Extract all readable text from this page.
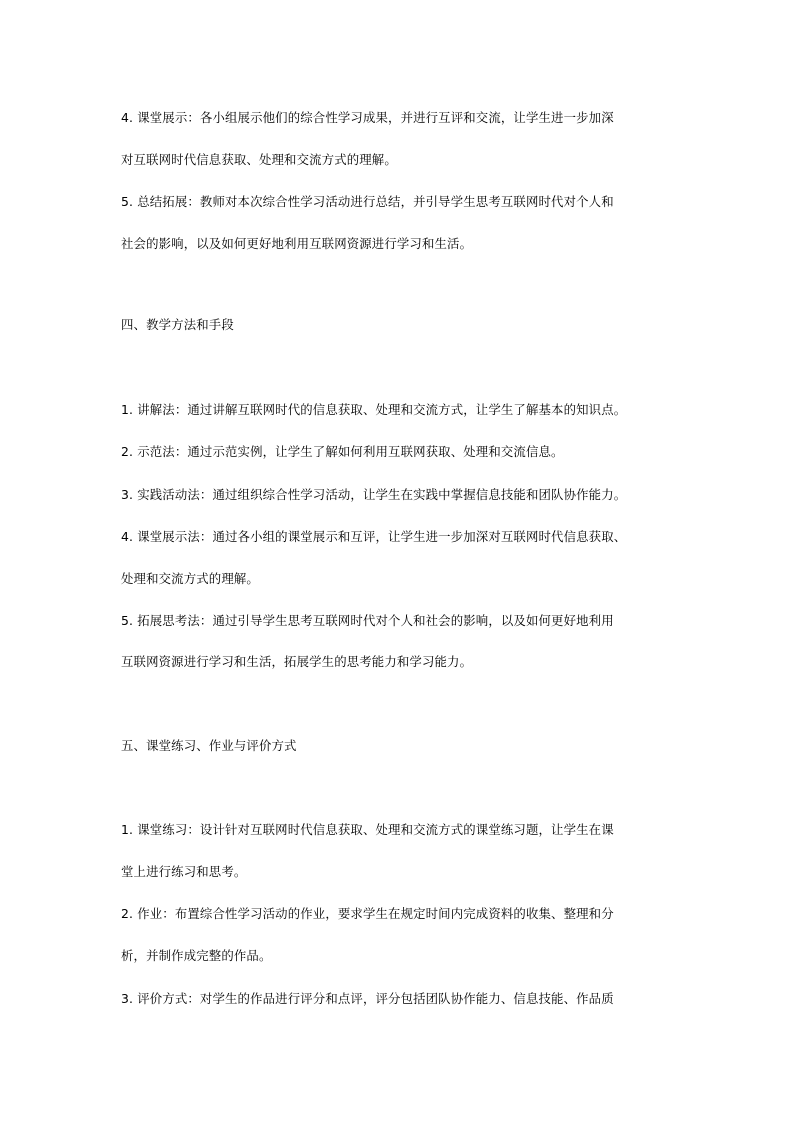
4. 课堂展示：各小组展示他们的综合性学习成果，并进行互评和交流，让学生进一步加深
对互联网时代信息获取、处理和交流方式的理解。
5. 总结拓展：教师对本次综合性学习活动进行总结，并引导学生思考互联网时代对个人和
社会的影响，以及如何更好地利用互联网资源进行学习和生活。
四、教学方法和手段
1. 讲解法：通过讲解互联网时代的信息获取、处理和交流方式，让学生了解基本的知识点。
2. 示范法：通过示范实例，让学生了解如何利用互联网获取、处理和交流信息。
3. 实践活动法：通过组织综合性学习活动，让学生在实践中掌握信息技能和团队协作能力。
4. 课堂展示法：通过各小组的课堂展示和互评，让学生进一步加深对互联网时代信息获取、
处理和交流方式的理解。
5. 拓展思考法：通过引导学生思考互联网时代对个人和社会的影响，以及如何更好地利用
互联网资源进行学习和生活，拓展学生的思考能力和学习能力。
五、课堂练习、作业与评价方式
1. 课堂练习：设计针对互联网时代信息获取、处理和交流方式的课堂练习题，让学生在课
堂上进行练习和思考。
2. 作业：布置综合性学习活动的作业，要求学生在规定时间内完成资料的收集、整理和分
析，并制作成完整的作品。
3. 评价方式：对学生的作品进行评分和点评，评分包括团队协作能力、信息技能、作品质
